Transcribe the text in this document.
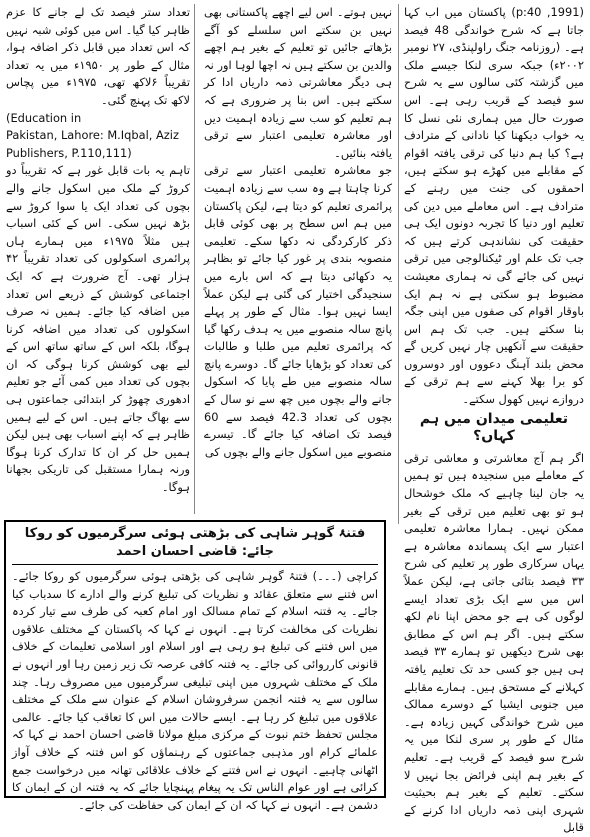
(1991, p:40) پاکستان میں اب کہا جاتا ہے کہ شرح خواندگی 48 فیصد ہے۔ (روزنامہ جنگ راولپنڈی، ۲۷ نومبر ۲۰۰۲ء) جبکہ سری لنکا جیسے ملک میں گزشتہ کئی سالوں سے یہ شرح سو فیصد کے قریب رہی ہے۔ اس صورت حال میں ہماری نئی نسل کا یہ خواب دیکھنا کیا نادانی کے مترادف ہے؟ کیا ہم دنیا کی ترقی یافتہ اقوام کے مقابلے میں کھڑے ہو سکتے ہیں، احمقوں کی جنت میں رہنے کے مترادف ہے۔ اس معاملے میں دین کی تعلیم اور دنیا کا تجربہ دونوں ایک ہی حقیقت کی نشاندہی کرتے ہیں کہ جب تک علم اور ٹیکنالوجی میں ترقی نہیں کی جائے گی نہ ہماری معیشت مضبوط ہو سکتی ہے نہ ہم ایک باوقار اقوام کی صفوں میں اپنی جگہ بنا سکتے ہیں۔ جب تک ہم اس حقیقت سے آنکھیں چار نہیں کریں گے محض بلند آہنگ دعووں اور دوسروں کو برا بھلا کہنے سے ہم ترقی کے دروازے نہیں کھول سکتے۔

تعلیمی میدان میں ہم کہاں؟

اگر ہم آج معاشرتی و معاشی ترقی کے معاملے میں سنجیدہ ہیں تو ہمیں یہ جان لینا چاہیے کہ ملک خوشحال ہو تو بھی تعلیم میں ترقی کے بغیر ممکن نہیں۔ ہمارا معاشرہ تعلیمی اعتبار سے ایک پسماندہ معاشرہ ہے یہاں سرکاری طور پر تعلیم کی شرح ۳۳ فیصد بتائی جاتی ہے، لیکن عملاً اس میں سے ایک بڑی تعداد ایسے لوگوں کی ہے جو محض اپنا نام لکھ سکتے ہیں۔ اگر ہم اس کے مطابق بھی شرح دیکھیں تو ہمارے ۳۳ فیصد ہی ہیں جو کسی حد تک تعلیم یافتہ کہلانے کے مستحق ہیں۔ ہمارے مقابلے میں جنوبی ایشیا کے دوسرے ممالک میں شرح خواندگی کہیں زیادہ ہے۔ مثال کے طور پر سری لنکا میں یہ شرح سو فیصد کے قریب ہے۔ تعلیم کے بغیر ہم اپنی فرائض بجا نہیں لا سکتے۔ تعلیم کے بغیر ہم بحیثیت شہری اپنی ذمہ داریاں ادا کرنے کے قابل

نہیں ہوتے۔ اس لیے اچھے پاکستانی بھی نہیں بن سکتے اس سلسلے کو آگے بڑھاتے جائیں تو تعلیم کے بغیر ہم اچھے والدین بن سکتے ہیں نہ اچھا لوہا اور نہ ہی دیگر معاشرتی ذمہ داریاں ادا کر سکتے ہیں۔ اس بنا پر ضروری ہے کہ ہم تعلیم کو سب سے زیادہ اہمیت دیں اور معاشرہ تعلیمی اعتبار سے ترقی یافتہ بنائیں۔

جو معاشرہ تعلیمی اعتبار سے ترقی کرنا چاہتا ہے وہ سب سے زیادہ اہمیت پرائمری تعلیم کو دیتا ہے، لیکن پاکستان میں ہم اس سطح پر بھی کوئی قابل ذکر کارکردگی نہ دکھا سکے۔ تعلیمی منصوبہ بندی پر غور کیا جائے تو بظاہر یہ دکھائی دیتا ہے کہ اس بارے میں سنجیدگی اختیار کی گئی ہے لیکن عملاً ایسا نہیں ہوا۔ مثال کے طور پر پہلے پانچ سالہ منصوبے میں یہ ہدف رکھا گیا کہ پرائمری تعلیم میں طلبا و طالبات کی تعداد کو بڑھایا جائے گا۔ دوسرے پانچ سالہ منصوبے میں طے پایا کہ اسکول جانے والے بچوں میں چھ سے نو سال کے بچوں کی تعداد 42.3 فیصد سے 60 فیصد تک اضافہ کیا جائے گا۔ تیسرے منصوبے میں اسکول جانے والے بچوں کی

تعداد ستر فیصد تک لے جانے کا عزم ظاہر کیا گیا۔ اس میں کوئی شبہ نہیں کہ اس تعداد میں قابل ذکر اضافہ ہوا، مثال کے طور پر ۱۹۵۰ء میں یہ تعداد تقریباً ۶لاکھ تھی، ۱۹۷۵ء میں پچاس لاکھ تک پہنچ گئی۔

(Education in
Pakistan, Lahore: M.Iqbal, Aziz
Publishers, P.110,111)

تاہم یہ بات قابل غور ہے کہ تقریباً دو کروڑ کے ملک میں اسکول جانے والے بچوں کی تعداد ایک یا سوا کروڑ سے بڑھ نہیں سکی۔ اس کے کئی اسباب ہیں مثلاً ۱۹۷۵ء میں ہمارے ہاں پرائمری اسکولوں کی تعداد تقریباً ۴۲ ہزار تھی۔ آج ضرورت ہے کہ ایک اجتماعی کوشش کے ذریعے اس تعداد میں اضافہ کیا جائے۔ ہمیں نہ صرف اسکولوں کی تعداد میں اضافہ کرنا ہوگا، بلکہ اس کے ساتھ ساتھ اس کے لیے بھی کوشش کرنا ہوگی کہ ان بچوں کی تعداد میں کمی آئے جو تعلیم ادھوری چھوڑ کر ابتدائی جماعتوں ہی سے بھاگ جاتے ہیں۔ اس کے لیے ہمیں ظاہر ہے کہ اپنے اسباب بھی ہیں لیکن ہمیں حل کر ان کا تدارک کرنا ہوگا ورنہ ہمارا مستقبل کی تاریکی بجھانا ہوگا۔

فتنۂ گوہر شاہی کی بڑھتی ہوئی سرگرمیوں کو روکا جائے: قاضی احسان احمد

کراچی (۔۔۔) فتنۂ گوہر شاہی کی بڑھتی ہوئی سرگرمیوں کو روکا جائے۔ اس فتنے سے متعلق عقائد و نظریات کی تبلیغ کرنے والے ادارے کا سدباب کیا جائے۔ یہ فتنہ اسلام کے تمام مسالک اور امام کعبہ کی طرف سے تیار کردہ نظریات کی مخالفت کرتا ہے۔ انہوں نے کہا کہ پاکستان کے مختلف علاقوں میں اس فتنے کی تبلیغ ہو رہی ہے اور اسلام اور اسلامی تعلیمات کے خلاف قانونی کارروائی کی جائے۔ یہ فتنہ کافی عرصہ تک زیر زمین رہا اور انہوں نے ملک کے مختلف شہروں میں اپنی تبلیغی سرگرمیوں میں مصروف رہا۔ چند سالوں سے یہ فتنہ انجمن سرفروشان اسلام کے عنوان سے ملک کے مختلف علاقوں میں تبلیغ کر رہا ہے۔ ایسے حالات میں اس کا تعاقب کیا جائے۔ عالمی مجلس تحفظ ختم نبوت کے مرکزی مبلغ مولانا قاضی احسان احمد نے کہا کہ علمائے کرام اور مذہبی جماعتوں کے رہنماؤں کو اس فتنہ کے خلاف آواز اٹھانی چاہیے۔ انہوں نے اس فتنے کے خلاف علاقائی تھانہ میں درخواست جمع کرائی ہے اور عوام الناس تک یہ پیغام پہنچایا جائے کہ یہ فتنہ ان کے ایمان کا دشمن ہے۔ انہوں نے کہا کہ ان کے ایمان کی حفاظت کی جائے۔
